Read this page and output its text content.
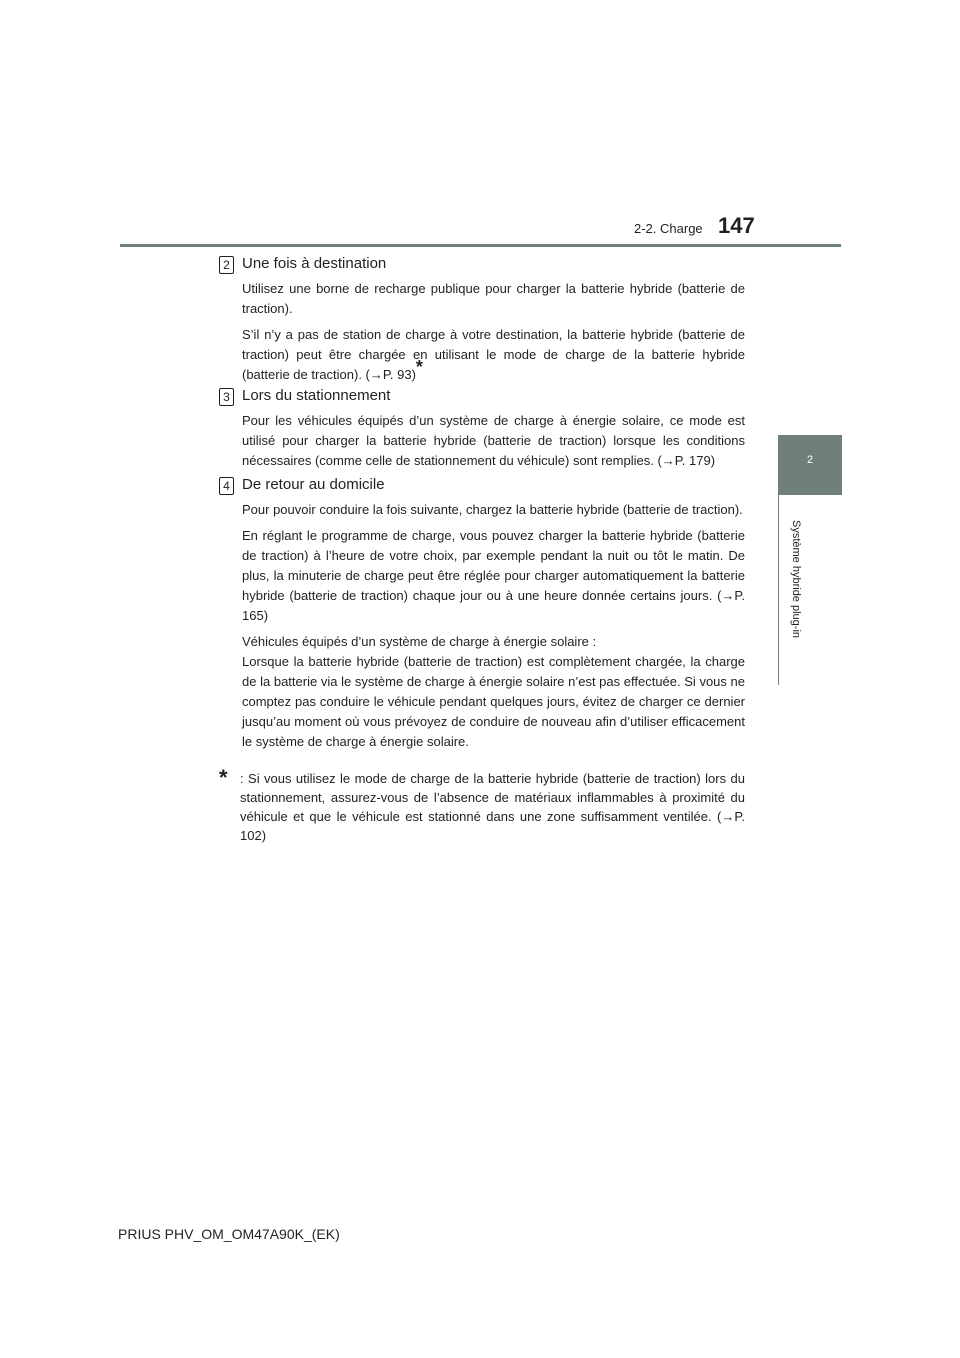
2-2. Charge 147
2
Système hybride plug-in
2 Une fois à destination

Utilisez une borne de recharge publique pour charger la batterie hybride (batterie de traction).

S’il n’y a pas de station de charge à votre destination, la batterie hybride (batterie de traction) peut être chargée en utilisant le mode de charge de la batterie hybride (batterie de traction). (→P. 93)*

3 Lors du stationnement

Pour les véhicules équipés d’un système de charge à énergie solaire, ce mode est utilisé pour charger la batterie hybride (batterie de traction) lorsque les conditions nécessaires (comme celle de stationnement du véhicule) sont remplies. (→P. 179)

4 De retour au domicile

Pour pouvoir conduire la fois suivante, chargez la batterie hybride (batterie de traction).

En réglant le programme de charge, vous pouvez charger la batterie hybride (batterie de traction) à l’heure de votre choix, par exemple pendant la nuit ou tôt le matin. De plus, la minuterie de charge peut être réglée pour charger automatiquement la batterie hybride (batterie de traction) chaque jour ou à une heure donnée certains jours. (→P. 165)

Véhicules équipés d’un système de charge à énergie solaire :

Lorsque la batterie hybride (batterie de traction) est complètement chargée, la charge de la batterie via le système de charge à énergie solaire n’est pas effectuée. Si vous ne comptez pas conduire le véhicule pendant quelques jours, évitez de charger ce dernier jusqu’au moment où vous prévoyez de conduire de nouveau afin d’utiliser efficacement le système de charge à énergie solaire.

* : Si vous utilisez le mode de charge de la batterie hybride (batterie de traction) lors du stationnement, assurez-vous de l’absence de matériaux inflammables à proximité du véhicule et que le véhicule est stationné dans une zone suffisamment ventilée. (→P. 102)
PRIUS PHV_OM_OM47A90K_(EK)
